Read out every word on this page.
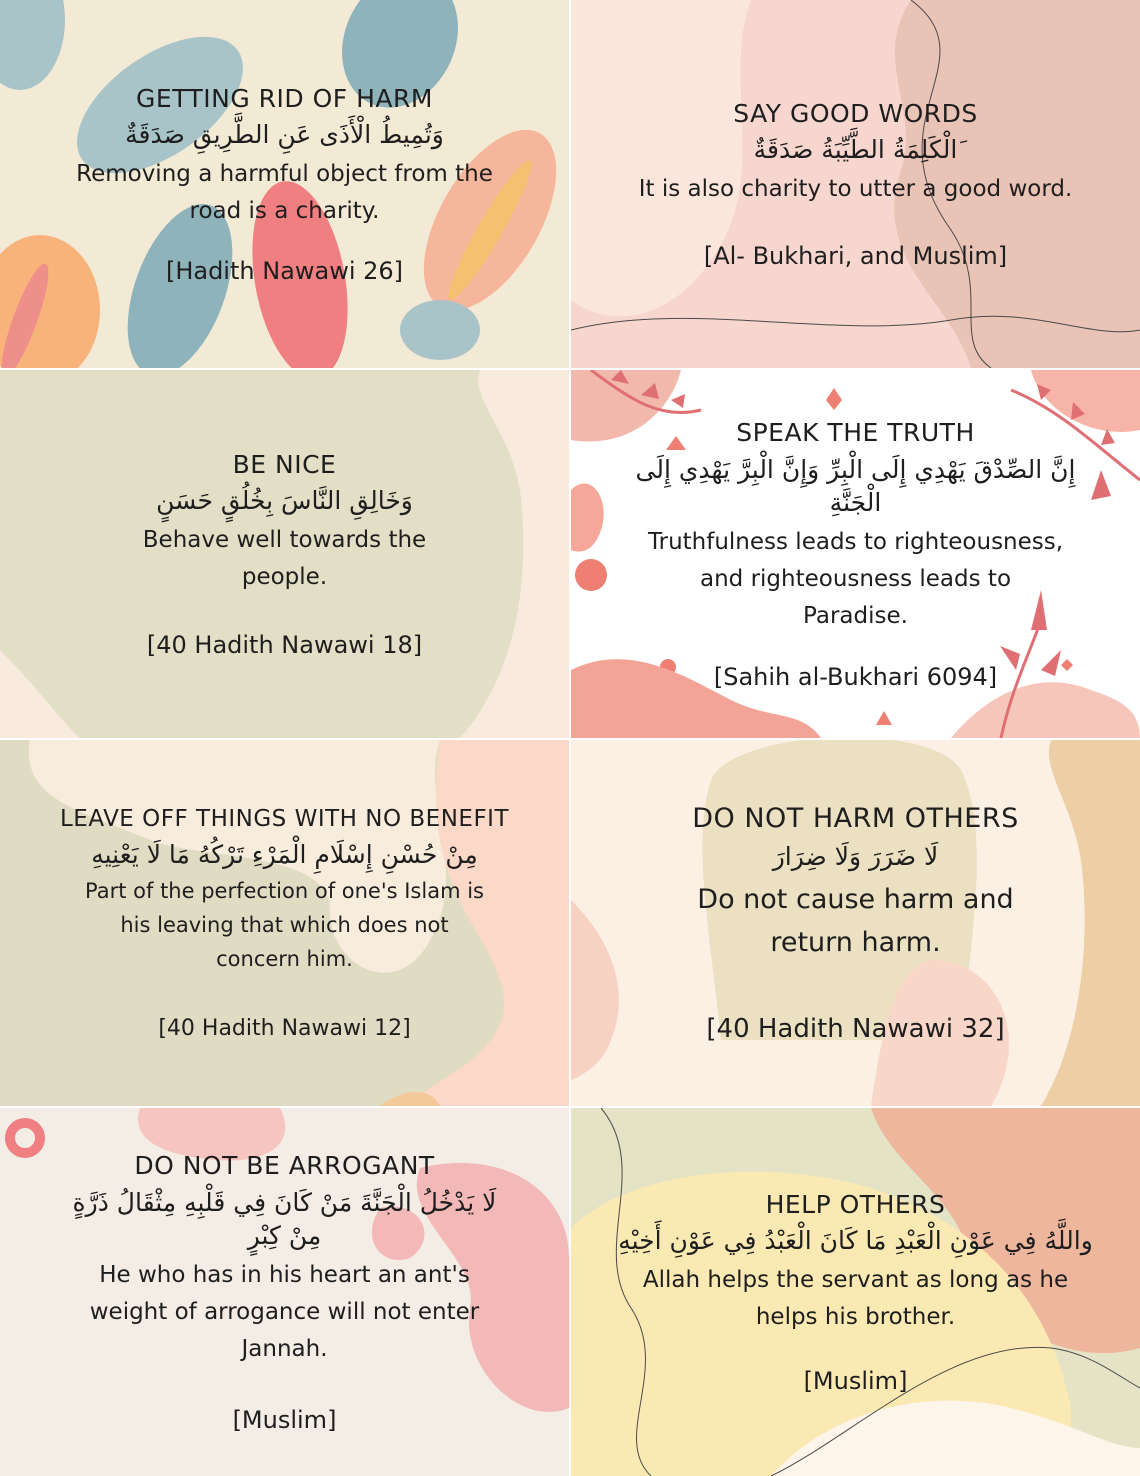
GETTING RID OF HARM

وَتُمِيطُ الْأَذَى عَنِ الطَّرِيقِ صَدَقَةٌ

Removing a harmful object from the road is a charity.

[Hadith Nawawi 26]

SAY GOOD WORDS

َالْكَلِمَةُ الطَّيِّبَةُ صَدَقَةٌ

It is also charity to utter a good word.

[Al- Bukhari, and Muslim]

BE NICE

وَخَالِقِ النَّاسَ بِخُلُقٍ حَسَنٍ

Behave well towards the people.

[40 Hadith Nawawi 18]

SPEAK THE TRUTH

إِنَّ الصِّدْقَ يَهْدِي إِلَى الْبِرِّ وَإِنَّ الْبِرَّ يَهْدِي إِلَى الْجَنَّةِ

Truthfulness leads to righteousness, and righteousness leads to Paradise.

[Sahih al-Bukhari 6094]

LEAVE OFF THINGS WITH NO BENEFIT

مِنْ حُسْنِ إِسْلَامِ الْمَرْءِ تَرْكُهُ مَا لَا يَعْنِيهِ

Part of the perfection of one's Islam is his leaving that which does not concern him.

[40 Hadith Nawawi 12]

DO NOT HARM OTHERS

لَا ضَرَرَ وَلَا ضِرَارَ

Do not cause harm and return harm.

[40 Hadith Nawawi 32]

DO NOT BE ARROGANT

لَا يَدْخُلُ الْجَنَّةَ مَنْ كَانَ فِي قَلْبِهِ مِثْقَالُ ذَرَّةٍ مِنْ كِبْرٍ

He who has in his heart an ant's weight of arrogance will not enter Jannah.

[Muslim]

HELP OTHERS

واللَّهُ فِي عَوْنِ الْعَبْدِ مَا كَانَ الْعَبْدُ فِي عَوْنِ أَخِيْهِ

Allah helps the servant as long as he helps his brother.

[Muslim]
